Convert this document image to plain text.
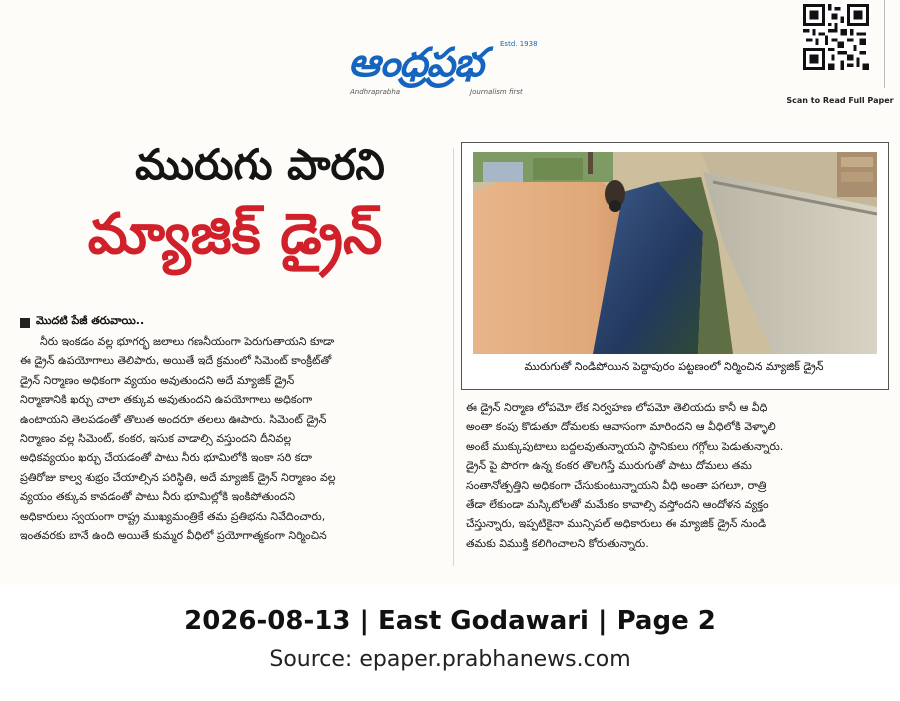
ఆంధ్రప్రభ Estd. 1938
Andhraprabha	Journalism first
Scan to Read Full Paper
మురుగు పారని
మ్యాజిక్ డ్రైన్
మురుగుతో నిండిపోయిన పెద్దాపురం పట్టణంలో నిర్మించిన మ్యాజిక్ డ్రైన్
మొదటి పేజీ తరువాయి..

నీరు ఇంకడం వల్ల భూగర్భ జలాలు గణనీయంగా పెరుగుతాయని కూడా

ఈ డ్రైన్ ఉపయోగాలు తెలిపారు, అయితే ఇదే క్రమంలో సిమెంట్ కాంక్రీట్‌తో

డ్రైన్ నిర్మాణం అధికంగా వ్యయం అవుతుందని అదే మ్యాజిక్ డ్రైన్

నిర్మాణానికి ఖర్చు చాలా తక్కువ అవుతుందని ఉపయోగాలు అధికంగా

ఉంటాయని తెలపడంతో తొలుత అందరూ తలలు ఊపారు. సిమెంట్ డ్రైన్

నిర్మాణం వల్ల సిమెంట్, కంకర, ఇసుక వాడాల్సి వస్తుందని దీనివల్ల

అధికవ్యయం ఖర్చు చేయడంతో పాటు నీరు భూమిలోకి ఇంకా సరి కదా

ప్రతిరోజు కాల్వ శుభ్రం చేయాల్సిన పరిస్థితి, అదే మ్యాజిక్ డ్రైన్ నిర్మాణం వల్ల

వ్యయం తక్కువ కావడంతో పాటు నీరు భూమిల్లోకి ఇంకిపోతుందని

అధికారులు స్వయంగా రాష్ట్ర ముఖ్యమంత్రికే తమ ప్రతిభను నివేదించారు,

ఇంతవరకు బానే ఉంది అయితే కుమ్మర వీధిలో ప్రయోగాత్మకంగా నిర్మించిన

ఈ డ్రైన్ నిర్మాణ లోపమో లేక నిర్వహణ లోపమో తెలియదు కానీ ఆ వీధి

అంతా కంపు కొడుతూ దోమలకు ఆవాసంగా మారిందని ఆ వీధిలోకి వెళ్ళాలి

అంటే ముక్కుపుటాలు బద్దలవుతున్నాయని స్థానికులు గగ్గోలు పెడుతున్నారు.

డ్రైన్ పై పొరగా ఉన్న కంకర తొలగిస్తే మురుగుతో పాటు దోమలు తమ

సంతానోత్పత్తిని అధికంగా చేసుకుంటున్నాయని వీధి అంతా పగలూ, రాత్రి

తేడా లేకుండా మస్కిటోలతో మమేకం కావాల్సి వస్తోందని ఆందోళన వ్యక్తం

చేస్తున్నారు, ఇప్పటికైనా మున్సిపల్ అధికారులు ఈ మ్యాజిక్ డ్రైన్ నుండి

తమకు విముక్తి కలిగించాలని కోరుతున్నారు.

2026-08-13 | East Godawari | Page 2
Source: epaper.prabhanews.com
